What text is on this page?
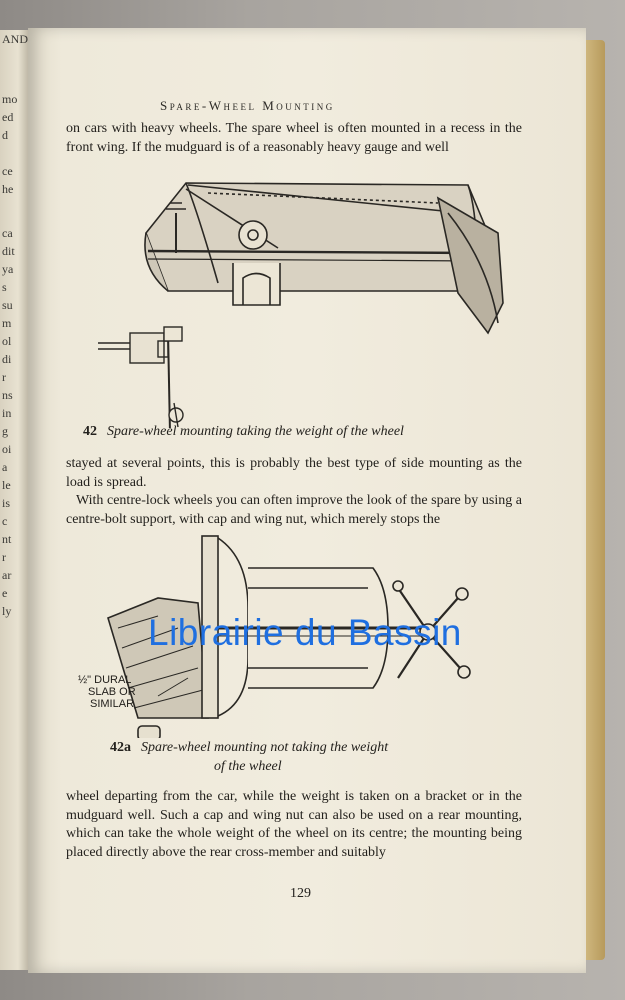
AND
mo
ed
d
ce
he
ca
dit
ya
s
su
m
ol
di
r
ns
in
g
oi
a
le
is
c
nt
r
ar
e
ly
Spare-Wheel Mounting

on cars with heavy wheels. The spare wheel is often mounted in a recess in the front wing. If the mudguard is of a reasonably heavy gauge and well

42 Spare-wheel mounting taking the weight of the wheel

stayed at several points, this is probably the best type of side mounting as the load is spread.

With centre-lock wheels you can often improve the look of the spare by using a centre-bolt support, with cap and wing nut, which merely stops the

½" DURAL
SLAB OR
SIMILAR
42a Spare-wheel mounting not taking the weight
of the wheel

wheel departing from the car, while the weight is taken on a bracket or in the mudguard well. Such a cap and wing nut can also be used on a rear mounting, which can take the whole weight of the wheel on its centre; the mounting being placed directly above the rear cross-member and suitably

129
Librairie du Bassin
